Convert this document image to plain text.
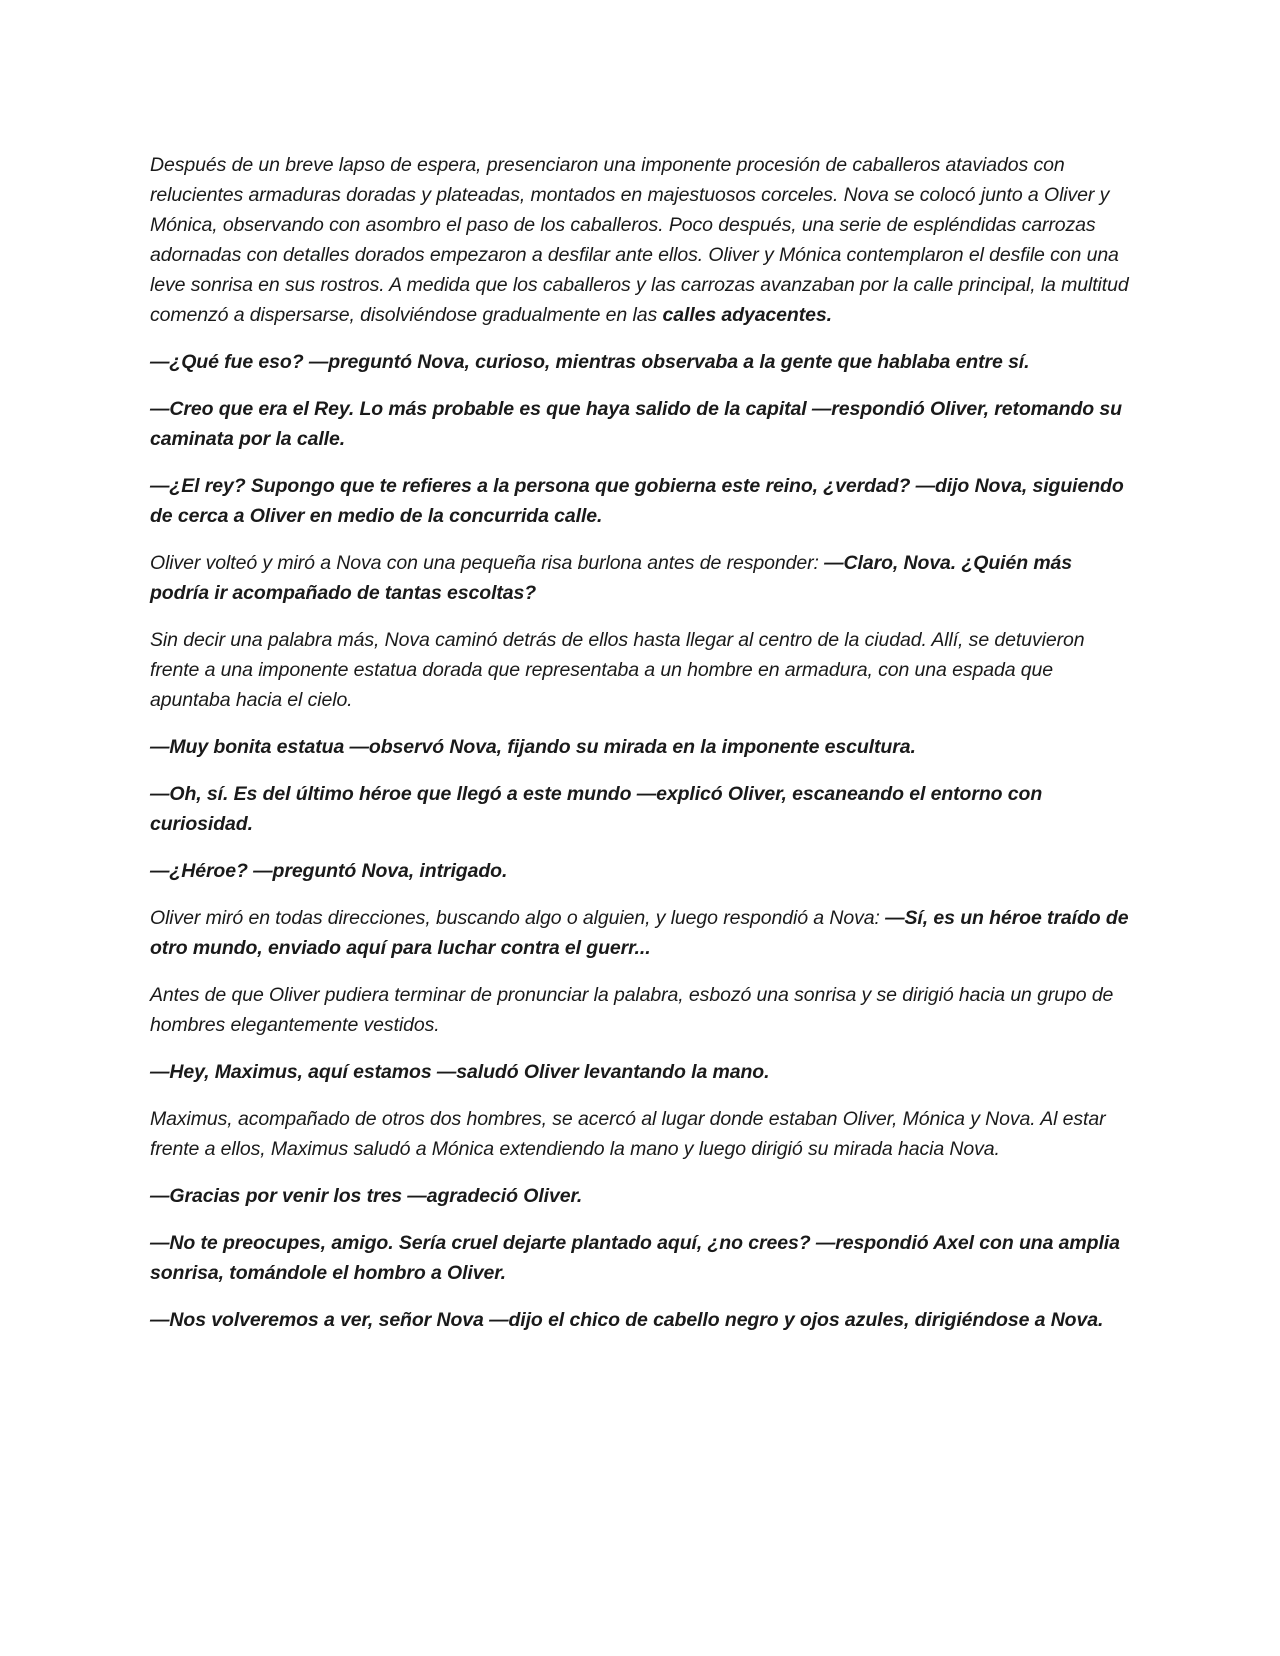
Después de un breve lapso de espera, presenciaron una imponente procesión de caballeros ataviados con relucientes armaduras doradas y plateadas, montados en majestuosos corceles. Nova se colocó junto a Oliver y Mónica, observando con asombro el paso de los caballeros. Poco después, una serie de espléndidas carrozas adornadas con detalles dorados empezaron a desfilar ante ellos. Oliver y Mónica contemplaron el desfile con una leve sonrisa en sus rostros. A medida que los caballeros y las carrozas avanzaban por la calle principal, la multitud comenzó a dispersarse, disolviéndose gradualmente en las calles adyacentes.

—¿Qué fue eso? —preguntó Nova, curioso, mientras observaba a la gente que hablaba entre sí.

—Creo que era el Rey. Lo más probable es que haya salido de la capital —respondió Oliver, retomando su caminata por la calle.

—¿El rey? Supongo que te refieres a la persona que gobierna este reino, ¿verdad? —dijo Nova, siguiendo de cerca a Oliver en medio de la concurrida calle.

Oliver volteó y miró a Nova con una pequeña risa burlona antes de responder: —Claro, Nova. ¿Quién más podría ir acompañado de tantas escoltas?

Sin decir una palabra más, Nova caminó detrás de ellos hasta llegar al centro de la ciudad. Allí, se detuvieron frente a una imponente estatua dorada que representaba a un hombre en armadura, con una espada que apuntaba hacia el cielo.

—Muy bonita estatua —observó Nova, fijando su mirada en la imponente escultura.

—Oh, sí. Es del último héroe que llegó a este mundo —explicó Oliver, escaneando el entorno con curiosidad.

—¿Héroe? —preguntó Nova, intrigado.

Oliver miró en todas direcciones, buscando algo o alguien, y luego respondió a Nova: —Sí, es un héroe traído de otro mundo, enviado aquí para luchar contra el guerr...

Antes de que Oliver pudiera terminar de pronunciar la palabra, esbozó una sonrisa y se dirigió hacia un grupo de hombres elegantemente vestidos.

—Hey, Maximus, aquí estamos —saludó Oliver levantando la mano.

Maximus, acompañado de otros dos hombres, se acercó al lugar donde estaban Oliver, Mónica y Nova. Al estar frente a ellos, Maximus saludó a Mónica extendiendo la mano y luego dirigió su mirada hacia Nova.

—Gracias por venir los tres —agradeció Oliver.

—No te preocupes, amigo. Sería cruel dejarte plantado aquí, ¿no crees? —respondió Axel con una amplia sonrisa, tomándole el hombro a Oliver.

—Nos volveremos a ver, señor Nova —dijo el chico de cabello negro y ojos azules, dirigiéndose a Nova.
